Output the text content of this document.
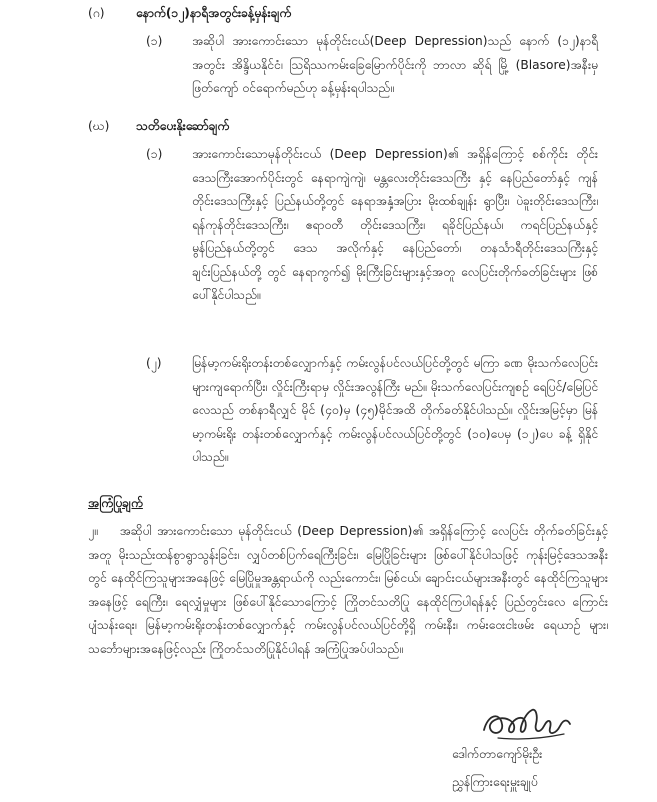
(ဂ)	နောက်(၁၂)နာရီအတွင်းခန့်မှန်းချက်
(၁) အဆိုပါ အားကောင်းသော မုန်တိုင်းငယ်(Deep Depression)သည် နောက် (၁၂)နာရီအတွင်း အိန္ဒိယနိုင်ငံ၊ သြရိဿကမ်းခြေမြောက်ပိုင်းကို ဘာလာ ဆိုရ် မြို့ (Blasore)အနီးမှ ဖြတ်ကျော် ဝင်ရောက်မည်ဟု ခန့်မှန်းရပါသည်။
(ဃ) သတိပေးနိုးဆော်ချက်
(၁) အားကောင်းသောမုန်တိုင်းငယ် (Deep Depression)၏ အရှိန်ကြောင့် စစ်ကိုင်း တိုင်းဒေသကြီးအောက်ပိုင်းတွင် နေရာကျဲကျဲ၊ မန္တလေးတိုင်းဒေသကြီး နှင့် နေပြည်တော်နှင့် ကျန်တိုင်းဒေသကြီးနှင့် ပြည်နယ်တို့တွင် နေရာအနှံ့အပြား မိုးထစ်ချုန်း ရွာပြီး၊ ပဲခူးတိုင်းဒေသကြီး၊ ရန်ကုန်တိုင်းဒေသကြီး၊ ဧရာဝတီ တိုင်းဒေသကြီး၊ ရခိုင်ပြည်နယ်၊ ကရင်ပြည်နယ်နှင့် မွန်ပြည်နယ်တို့တွင် ဒေသ အလိုက်နှင့် နေပြည်တော်၊ တနင်္သာရီတိုင်းဒေသကြီးနှင့် ချင်းပြည်နယ်တို့ တွင် နေရာကွက်၍ မိုးကြီးခြင်းများနှင့်အတူ လေပြင်းတိုက်ခတ်ခြင်းများ ဖြစ်ပေါ်နိုင်ပါသည်။
(၂)	မြန်မာ့ကမ်းရိုးတန်းတစ်လျှောက်နှင့် ကမ်းလွန်ပင်လယ်ပြင်တို့တွင် မကြာ ခဏ မိုးသက်လေပြင်းများကျရောက်ပြီး၊ လှိုင်းကြီးရာမှ လှိုင်းအလွန်ကြီး မည်။ မိုးသက်လေပြင်းကျစဉ် ရေပြင်/မြေပြင်လေသည် တစ်နာရီလျှင် မိုင် (၄၀)မှ (၄၅)မိုင်အထိ တိုက်ခတ်နိုင်ပါသည်။ လှိုင်းအမြင့်မှာ မြန်မာ့ကမ်းရိုး တန်းတစ်လျှောက်နှင့် ကမ်းလွန်ပင်လယ်ပြင်တို့တွင် (၁၀)ပေမှ (၁၂)ပေ ခန့် ရှိနိုင်ပါသည်။
အကြံပြုချက်
၂။ အဆိုပါ အားကောင်းသော မုန်တိုင်းငယ် (Deep Depression)၏ အရှိန်ကြောင့် လေပြင်း တိုက်ခတ်ခြင်းနှင့်အတူ မိုးသည်းထန်စွာရွာသွန်းခြင်း၊ လျှပ်တစ်ပြက်ရေကြီးခြင်း၊ မြေပြိုခြင်းများ ဖြစ်ပေါ်နိုင်ပါသဖြင့် ကုန်းမြင့်ဒေသအနီးတွင် နေထိုင်ကြသူများအနေဖြင့် မြေပြိုမှုအန္တရာယ်ကို လည်းကောင်း၊ မြစ်ငယ်၊ ချောင်းငယ်များအနီးတွင် နေထိုင်ကြသူများအနေဖြင့် ရေကြီး၊ ရေလျှံမှုများ ဖြစ်ပေါ်နိုင်သောကြောင့် ကြိုတင်သတိပြု နေထိုင်ကြပါရန်နှင့် ပြည်တွင်းလေ ကြောင်းပျံသန်းရေး၊ မြန်မာ့ကမ်းရိုးတန်းတစ်လျှောက်နှင့် ကမ်းလွန်ပင်လယ်ပြင်တို့ရှိ ကမ်းနီး၊ ကမ်းဝေးငါးဖမ်း ရေယာဉ် များ၊ သင်္ဘောများအနေဖြင့်လည်း ကြိုတင်သတိပြုနိုင်ပါရန် အကြံပြုအပ်ပါသည်။
ဒေါက်တာကျော်မိုးဦး
ညွှန်ကြားရေးမှူးချုပ်
